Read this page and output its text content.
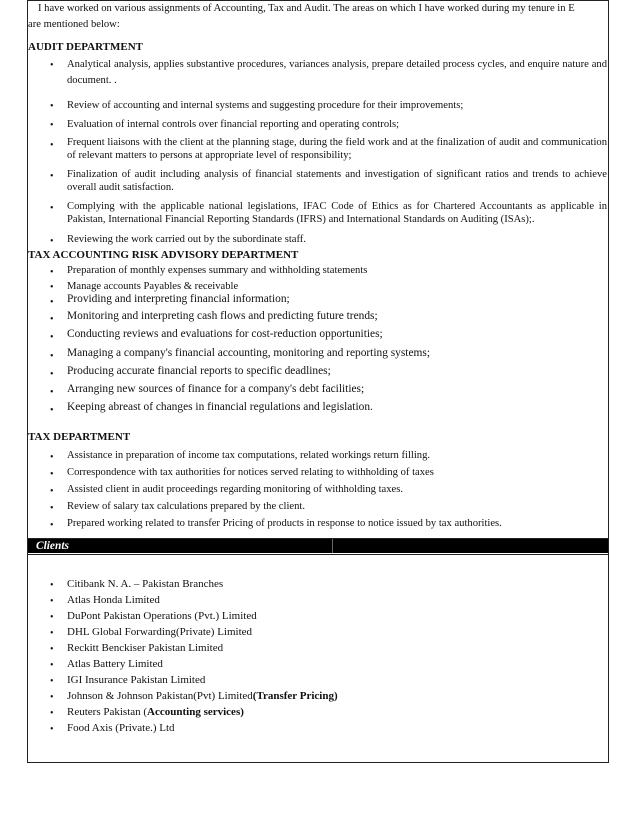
I have worked on various assignments of Accounting, Tax and Audit. The areas on which I have worked during my tenure in E
are mentioned below:
AUDIT DEPARTMENT
• Analytical analysis, applies substantive procedures, variances analysis, prepare detailed process cycles, and enquire nature and document. .
• Review of accounting and internal systems and suggesting procedure for their improvements;
• Evaluation of internal controls over financial reporting and operating controls;
• Frequent liaisons with the client at the planning stage, during the field work and at the finalization of audit and communication of relevant matters to persons at appropriate level of responsibility;
• Finalization of audit including analysis of financial statements and investigation of significant ratios and trends to achieve overall audit satisfaction.
• Complying with the applicable national legislations, IFAC Code of Ethics as for Chartered Accountants as applicable in Pakistan, International Financial Reporting Standards (IFRS) and International Standards on Auditing (ISAs);.
• Reviewing the work carried out by the subordinate staff.
TAX ACCOUNTING RISK ADVISORY DEPARTMENT
• Preparation of monthly expenses summary and withholding statements
• Manage accounts Payables & receivable
• Providing and interpreting financial information;
• Monitoring and interpreting cash flows and predicting future trends;
• Conducting reviews and evaluations for cost-reduction opportunities;
• Managing a company's financial accounting, monitoring and reporting systems;
• Producing accurate financial reports to specific deadlines;
• Arranging new sources of finance for a company's debt facilities;
• Keeping abreast of changes in financial regulations and legislation.
TAX DEPARTMENT
• Assistance in preparation of income tax computations, related workings return filling.
• Correspondence with tax authorities for notices served relating to withholding of taxes
• Assisted client in audit proceedings regarding monitoring of withholding taxes.
• Review of salary tax calculations prepared by the client.
• Prepared working related to transfer Pricing of products in response to notice issued by tax authorities.
Clients
• Citibank N. A. – Pakistan Branches
• Atlas Honda Limited
• DuPont Pakistan Operations (Pvt.) Limited
• DHL Global Forwarding(Private) Limited
• Reckitt Benckiser Pakistan Limited
• Atlas Battery Limited
• IGI Insurance Pakistan Limited
• Johnson & Johnson Pakistan(Pvt) Limited(Transfer Pricing)
• Reuters Pakistan (Accounting services)
• Food Axis (Private.) Ltd
